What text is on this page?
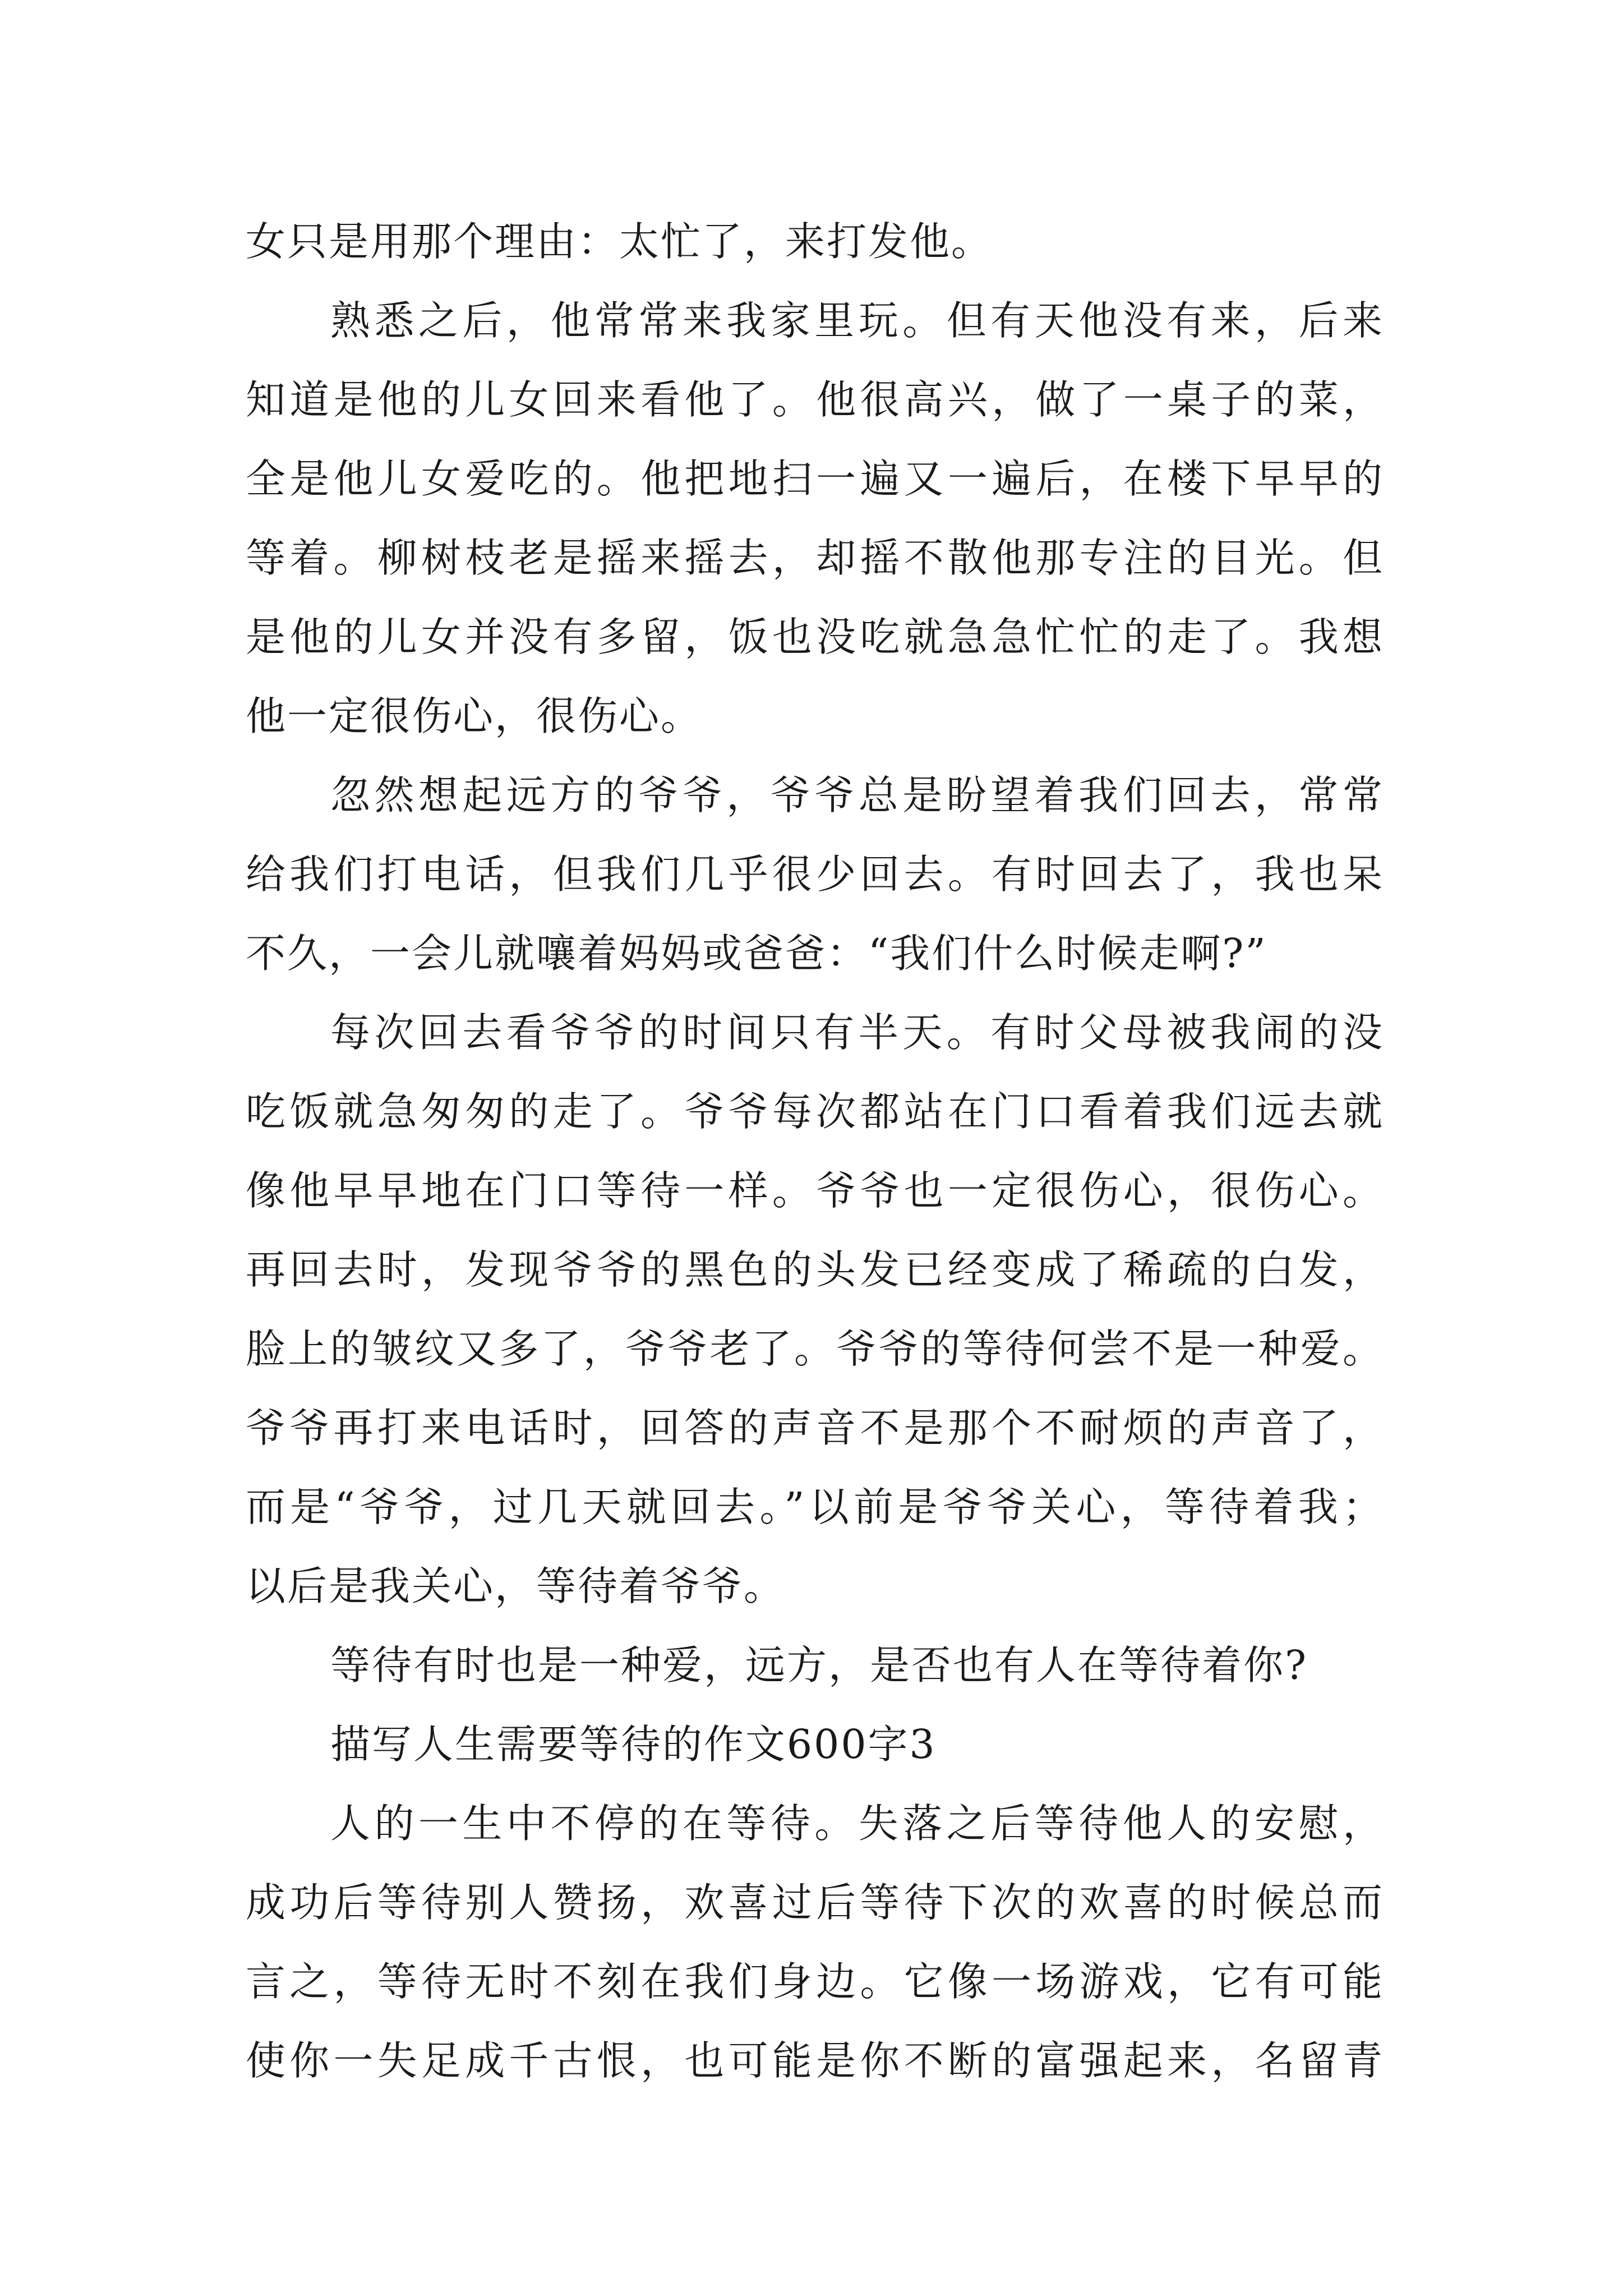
女只是用那个理由：太忙了，来打发他。
熟悉之后，他常常来我家里玩。但有天他没有来，后来
知道是他的儿女回来看他了。他很高兴，做了一桌子的菜，
全是他儿女爱吃的。他把地扫一遍又一遍后，在楼下早早的
等着。柳树枝老是摇来摇去，却摇不散他那专注的目光。但
是他的儿女并没有多留，饭也没吃就急急忙忙的走了。我想
他一定很伤心，很伤心。
忽然想起远方的爷爷，爷爷总是盼望着我们回去，常常
给我们打电话，但我们几乎很少回去。有时回去了，我也呆
不久，一会儿就嚷着妈妈或爸爸：“我们什么时候走啊?”
每次回去看爷爷的时间只有半天。有时父母被我闹的没
吃饭就急匆匆的走了。爷爷每次都站在门口看着我们远去就
像他早早地在门口等待一样。爷爷也一定很伤心，很伤心。
再回去时，发现爷爷的黑色的头发已经变成了稀疏的白发，
脸上的皱纹又多了，爷爷老了。爷爷的等待何尝不是一种爱。
爷爷再打来电话时，回答的声音不是那个不耐烦的声音了，
而是“爷爷，过几天就回去。”以前是爷爷关心，等待着我；
以后是我关心，等待着爷爷。
等待有时也是一种爱，远方，是否也有人在等待着你?
描写人生需要等待的作文600字3
人的一生中不停的在等待。失落之后等待他人的安慰，
成功后等待别人赞扬，欢喜过后等待下次的欢喜的时候总而
言之，等待无时不刻在我们身边。它像一场游戏，它有可能
使你一失足成千古恨，也可能是你不断的富强起来，名留青
